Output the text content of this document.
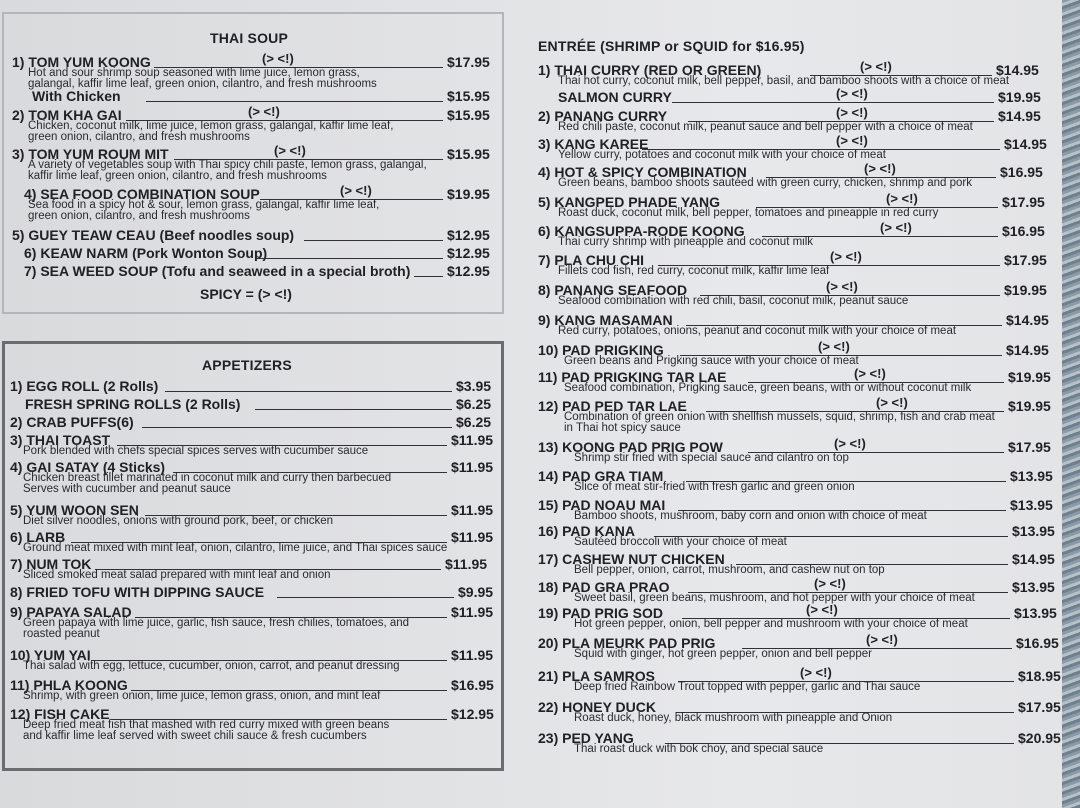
THAI SOUP
1) TOM YUM KOONG	(> <!)	$17.95
Hot and sour shrimp soup seasoned with lime juice, lemon grass,
galangal, kaffir lime leaf, green onion, cilantro, and fresh mushrooms
With Chicken	$15.95
2) TOM KHA GAI	(> <!)	$15.95
Chicken, coconut milk, lime juice, lemon grass, galangal, kaffir lime leaf,
green onion, cilantro, and fresh mushrooms
3) TOM YUM ROUM MIT	(> <!)	$15.95
A variety of vegetables soup with Thai spicy chili paste, lemon grass, galangal,
kaffir lime leaf, green onion, cilantro, and fresh mushrooms
4) SEA FOOD COMBINATION SOUP	(> <!)	$19.95
Sea food in a spicy hot & sour, lemon grass, galangal, kaffir lime leaf,
green onion, cilantro, and fresh mushrooms
5) GUEY TEAW CEAU (Beef noodles soup)	$12.95
6) KEAW NARM (Pork Wonton Soup)	$12.95
7) SEA WEED SOUP (Tofu and seaweed in a special broth)	$12.95
SPICY = (> <!)
APPETIZERS
1) EGG ROLL (2 Rolls)	$3.95
FRESH SPRING ROLLS (2 Rolls)	$6.25
2) CRAB PUFFS(6)	$6.25
3) THAI TOAST	$11.95
Pork blended with chefs special spices serves with cucumber sauce
4) GAI SATAY (4 Sticks)	$11.95
Chicken breast fillet marinated in coconut milk and curry then barbecued
Serves with cucumber and peanut sauce
5) YUM WOON SEN	$11.95
Diet silver noodles, onions with ground pork, beef, or chicken
6) LARB	$11.95
Ground meat mixed with mint leaf, onion, cilantro, lime juice, and Thai spices sauce
7) NUM TOK	$11.95
Sliced smoked meat salad prepared with mint leaf and onion
8) FRIED TOFU WITH DIPPING SAUCE	$9.95
9) PAPAYA SALAD	$11.95
Green papaya with lime juice, garlic, fish sauce, fresh chilies, tomatoes, and
roasted peanut
10) YUM YAI	$11.95
Thai salad with egg, lettuce, cucumber, onion, carrot, and peanut dressing
11) PHLA KOONG	$16.95
Shrimp, with green onion, lime juice, lemon grass, onion, and mint leaf
12) FISH CAKE	$12.95
Deep fried meat fish that mashed with red curry mixed with green beans
and kaffir lime leaf served with sweet chili sauce & fresh cucumbers
ENTRÉE (SHRIMP or SQUID for $16.95)
1) THAI CURRY (RED OR GREEN)	(> <!)	$14.95
Thai hot curry, coconut milk, bell pepper, basil, and bamboo shoots with a choice of meat
SALMON CURRY	(> <!)	$19.95
2) PANANG CURRY	(> <!)	$14.95
Red chili paste, coconut milk, peanut sauce and bell pepper with a choice of meat
3) KANG KAREE	(> <!)	$14.95
Yellow curry, potatoes and coconut milk with your choice of meat
4) HOT & SPICY COMBINATION	(> <!)	$16.95
Green beans, bamboo shoots sautéed with green curry, chicken, shrimp and pork
5) KANGPED PHADE YANG	(> <!)	$17.95
Roast duck, coconut milk, bell pepper, tomatoes and pineapple in red curry
6) KANGSUPPA-RODE KOONG	(> <!)	$16.95
Thai curry shrimp with pineapple and coconut milk
7) PLA CHU CHI	(> <!)	$17.95
Fillets cod fish, red curry, coconut milk, kaffir lime leaf
8) PANANG SEAFOOD	(> <!)	$19.95
Seafood combination with red chili, basil, coconut milk, peanut sauce
9) KANG MASAMAN	$14.95
Red curry, potatoes, onions, peanut and coconut milk with your choice of meat
10) PAD PRIGKING	(> <!)	$14.95
Green beans and Prigking sauce with your choice of meat
11) PAD PRIGKING TAR LAE	(> <!)	$19.95
Seafood combination, Prigking sauce, green beans, with or without coconut milk
12) PAD PED TAR LAE	(> <!)	$19.95
Combination of green onion with shellfish mussels, squid, shrimp, fish and crab meat
in Thai hot spicy sauce
13) KOONG PAD PRIG POW	(> <!)	$17.95
Shrimp stir fried with special sauce and cilantro on top
14) PAD GRA TIAM	$13.95
Slice of meat stir-fried with fresh garlic and green onion
15) PAD NOAU MAI	$13.95
Bamboo shoots, mushroom, baby corn and onion with choice of meat
16) PAD KANA	$13.95
Sautéed broccoli with your choice of meat
17) CASHEW NUT CHICKEN	$14.95
Bell pepper, onion, carrot, mushroom, and cashew nut on top
18) PAD GRA PRAO	(> <!)	$13.95
Sweet basil, green beans, mushroom, and hot pepper with your choice of meat
19) PAD PRIG SOD	(> <!)	$13.95
Hot green pepper, onion, bell pepper and mushroom with your choice of meat
20) PLA MEURK PAD PRIG	(> <!)	$16.95
Squid with ginger, hot green pepper, onion and bell pepper
21) PLA SAMROS	(> <!)	$18.95
Deep fried Rainbow Trout topped with pepper, garlic and Thai sauce
22) HONEY DUCK	$17.95
Roast duck, honey, black mushroom with pineapple and Onion
23) PED YANG	$20.95
Thai roast duck with bok choy, and special sauce
